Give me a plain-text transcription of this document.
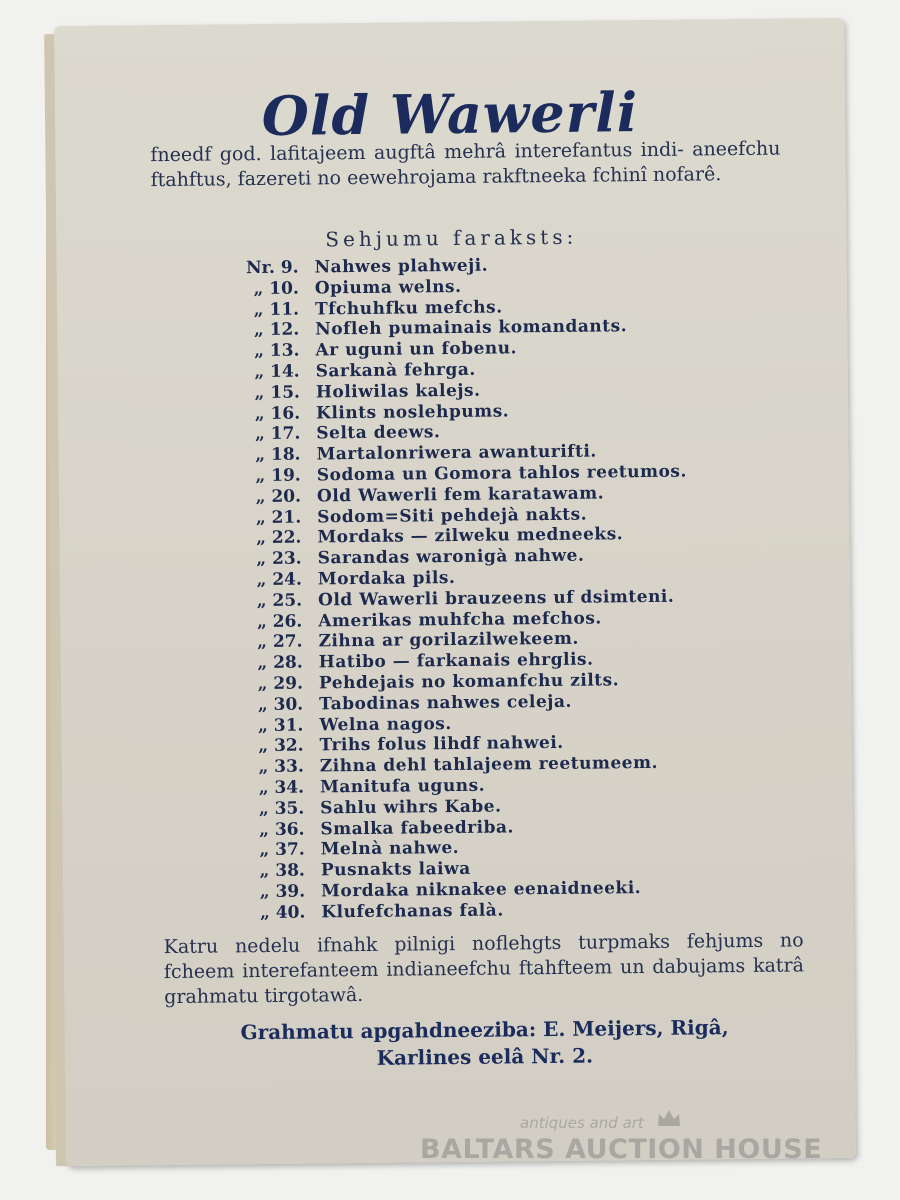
Old Wawerli
fneedf god. lafitajeem augftâ mehrâ interefantus indi- aneefchu ftahftus, fazereti no eewehrojama rakftneeka fchinî nofarê.
Sehjumu faraksts:
Nr. 9. Nahwes plahweji.
„ 10. Opiuma welns.
„ 11. Tfchuhfku mefchs.
„ 12. Nofleh pumainais komandants.
„ 13. Ar uguni un fobenu.
„ 14. Sarkanà fehrga.
„ 15. Holiwilas kalejs.
„ 16. Klints noslehpums.
„ 17. Selta deews.
„ 18. Martalonriwera awanturifti.
„ 19. Sodoma un Gomora tahlos reetumos.
„ 20. Old Wawerli fem karatawam.
„ 21. Sodom=Siti pehdejà nakts.
„ 22. Mordaks — zilweku medneeks.
„ 23. Sarandas waronigà nahwe.
„ 24. Mordaka pils.
„ 25. Old Wawerli brauzeens uf dsimteni.
„ 26. Amerikas muhfcha mefchos.
„ 27. Zihna ar gorilazilwekeem.
„ 28. Hatibo — farkanais ehrglis.
„ 29. Pehdejais no komanfchu zilts.
„ 30. Tabodinas nahwes celeja.
„ 31. Welna nagos.
„ 32. Trihs folus lihdf nahwei.
„ 33. Zihna dehl tahlajeem reetumeem.
„ 34. Manitufa uguns.
„ 35. Sahlu wihrs Kabe.
„ 36. Smalka fabeedriba.
„ 37. Melnà nahwe.
„ 38. Pusnakts laiwa
„ 39. Mordaka niknakee eenaidneeki.
„ 40. Klufefchanas falà.
Katru nedelu ifnahk pilnigi noflehgts turpmaks fehjums no fcheem interefanteem indianeefchu ftahfteem un dabujams katrâ grahmatu tirgotawâ.
Grahmatu apgahdneeziba: E. Meijers, Rigâ,
Karlines eelâ Nr. 2.
antiques and art
BALTARS AUCTION HOUSE
